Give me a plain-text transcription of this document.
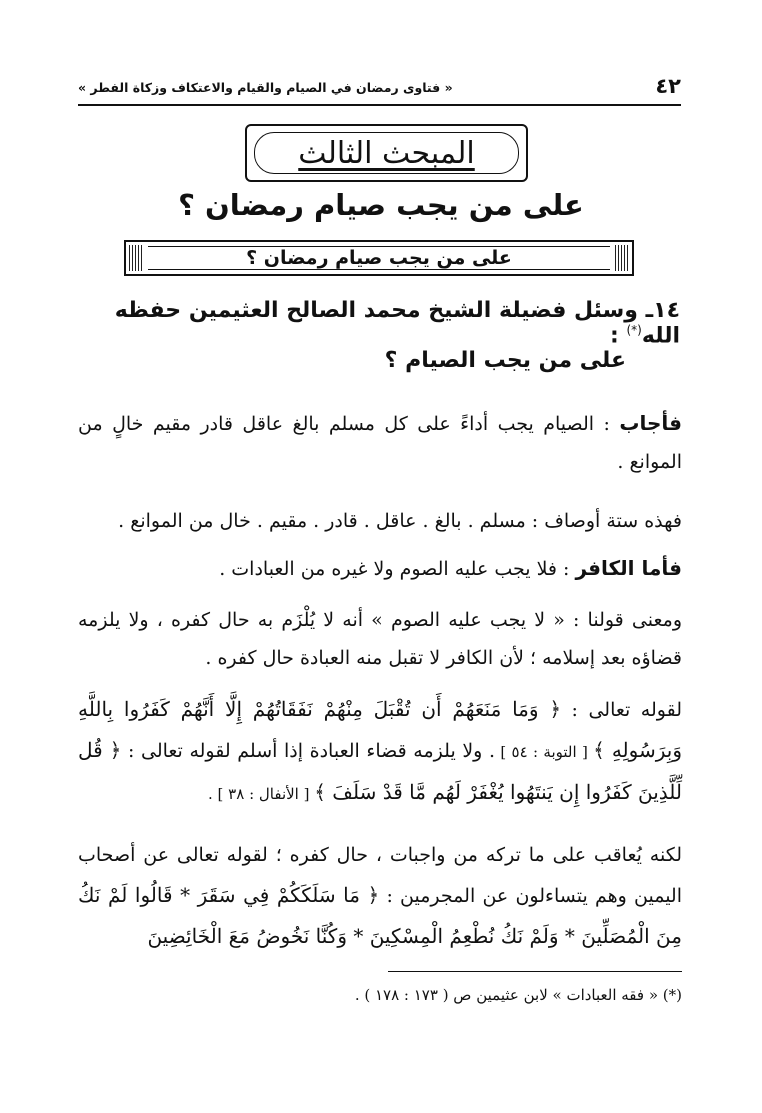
« فتاوى رمضان في الصيام والقيام والاعتكاف وزكاة الفطر »	٤٢
المبحث الثالث
على من يجب صيام رمضان ؟
على من يجب صيام رمضان ؟
١٤ـ وسئل فضيلة الشيخ محمد الصالح العثيمين حفظه الله(*) :
على من يجب الصيام ؟
فأجاب : الصيام يجب أداءً على كل مسلم بالغ عاقل قادر مقيم خالٍ من الموانع .
فهذه ستة أوصاف : مسلم . بالغ . عاقل . قادر . مقيم . خال من الموانع .
فأما الكافر : فلا يجب عليه الصوم ولا غيره من العبادات .
ومعنى قولنا : « لا يجب عليه الصوم » أنه لا يُلْزَم به حال كفره ، ولا يلزمه قضاؤه بعد إسلامه ؛ لأن الكافر لا تقبل منه العبادة حال كفره .
لقوله تعالى : ﴿ وَمَا مَنَعَهُمْ أَن تُقْبَلَ مِنْهُمْ نَفَقَاتُهُمْ إِلَّا أَنَّهُمْ كَفَرُوا بِاللَّهِ وَبِرَسُولِهِ ﴾ [ التوبة : ٥٤ ] . ولا يلزمه قضاء العبادة إذا أسلم لقوله تعالى : ﴿ قُل لِّلَّذِينَ كَفَرُوا إِن يَنتَهُوا يُغْفَرْ لَهُم مَّا قَدْ سَلَفَ ﴾ [ الأنفال : ٣٨ ] .
لكنه يُعاقب على ما تركه من واجبات ، حال كفره ؛ لقوله تعالى عن أصحاب اليمين وهم يتساءلون عن المجرمين : ﴿ مَا سَلَكَكُمْ فِي سَقَرَ * قَالُوا لَمْ نَكُ مِنَ الْمُصَلِّينَ * وَلَمْ نَكُ نُطْعِمُ الْمِسْكِينَ * وَكُنَّا نَخُوضُ مَعَ الْخَائِضِينَ
(*) « فقه العبادات » لابن عثيمين ص ( ١٧٣ : ١٧٨ ) .
